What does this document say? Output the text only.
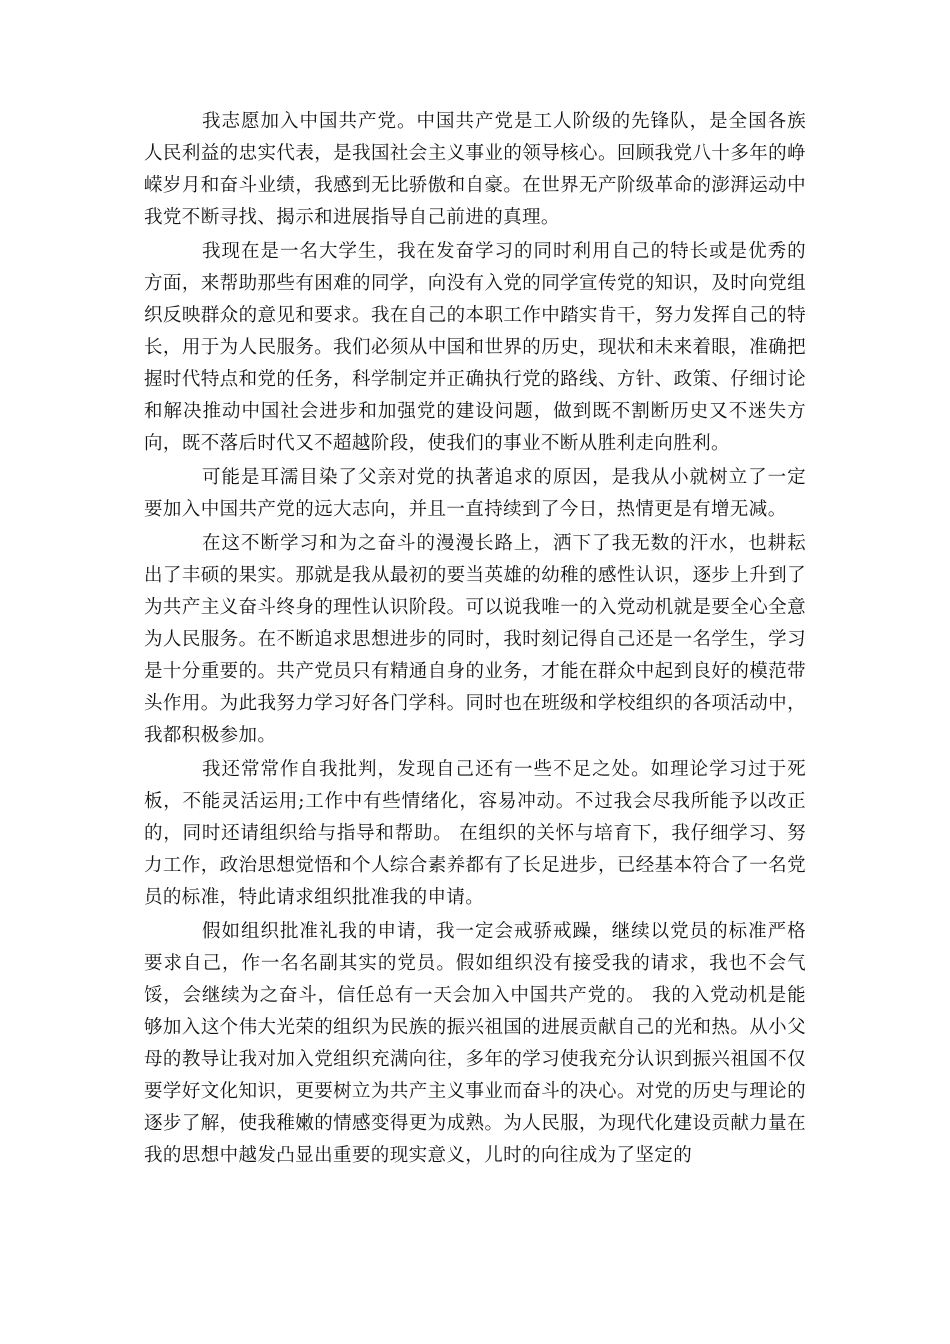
我志愿加入中国共产党。中国共产党是工人阶级的先锋队，是全国各族人民利益的忠实代表，是我国社会主义事业的领导核心。回顾我党八十多年的峥嵘岁月和奋斗业绩，我感到无比骄傲和自豪。在世界无产阶级革命的澎湃运动中我党不断寻找、揭示和进展指导自己前进的真理。

我现在是一名大学生，我在发奋学习的同时利用自己的特长或是优秀的方面，来帮助那些有困难的同学，向没有入党的同学宣传党的知识，及时向党组织反映群众的意见和要求。我在自己的本职工作中踏实肯干，努力发挥自己的特长，用于为人民服务。我们必须从中国和世界的历史，现状和未来着眼，准确把握时代特点和党的任务，科学制定并正确执行党的路线、方针、政策、仔细讨论和解决推动中国社会进步和加强党的建设问题，做到既不割断历史又不迷失方向，既不落后时代又不超越阶段，使我们的事业不断从胜利走向胜利。

可能是耳濡目染了父亲对党的执著追求的原因，是我从小就树立了一定要加入中国共产党的远大志向，并且一直持续到了今日，热情更是有增无减。

在这不断学习和为之奋斗的漫漫长路上，洒下了我无数的汗水，也耕耘出了丰硕的果实。那就是我从最初的要当英雄的幼稚的感性认识，逐步上升到了为共产主义奋斗终身的理性认识阶段。可以说我唯一的入党动机就是要全心全意为人民服务。在不断追求思想进步的同时，我时刻记得自己还是一名学生，学习是十分重要的。共产党员只有精通自身的业务，才能在群众中起到良好的模范带头作用。为此我努力学习好各门学科。同时也在班级和学校组织的各项活动中，我都积极参加。

我还常常作自我批判，发现自己还有一些不足之处。如理论学习过于死板，不能灵活运用;工作中有些情绪化，容易冲动。不过我会尽我所能予以改正的，同时还请组织给与指导和帮助。 在组织的关怀与培育下，我仔细学习、努力工作，政治思想觉悟和个人综合素养都有了长足进步，已经基本符合了一名党员的标准，特此请求组织批准我的申请。

假如组织批准礼我的申请，我一定会戒骄戒躁，继续以党员的标准严格要求自己，作一名名副其实的党员。假如组织没有接受我的请求，我也不会气馁，会继续为之奋斗，信任总有一天会加入中国共产党的。 我的入党动机是能够加入这个伟大光荣的组织为民族的振兴祖国的进展贡献自己的光和热。从小父母的教导让我对加入党组织充满向往，多年的学习使我充分认识到振兴祖国不仅要学好文化知识，更要树立为共产主义事业而奋斗的决心。对党的历史与理论的逐步了解，使我稚嫩的情感变得更为成熟。为人民服，为现代化建设贡献力量在我的思想中越发凸显出重要的现实意义，儿时的向往成为了坚定的
